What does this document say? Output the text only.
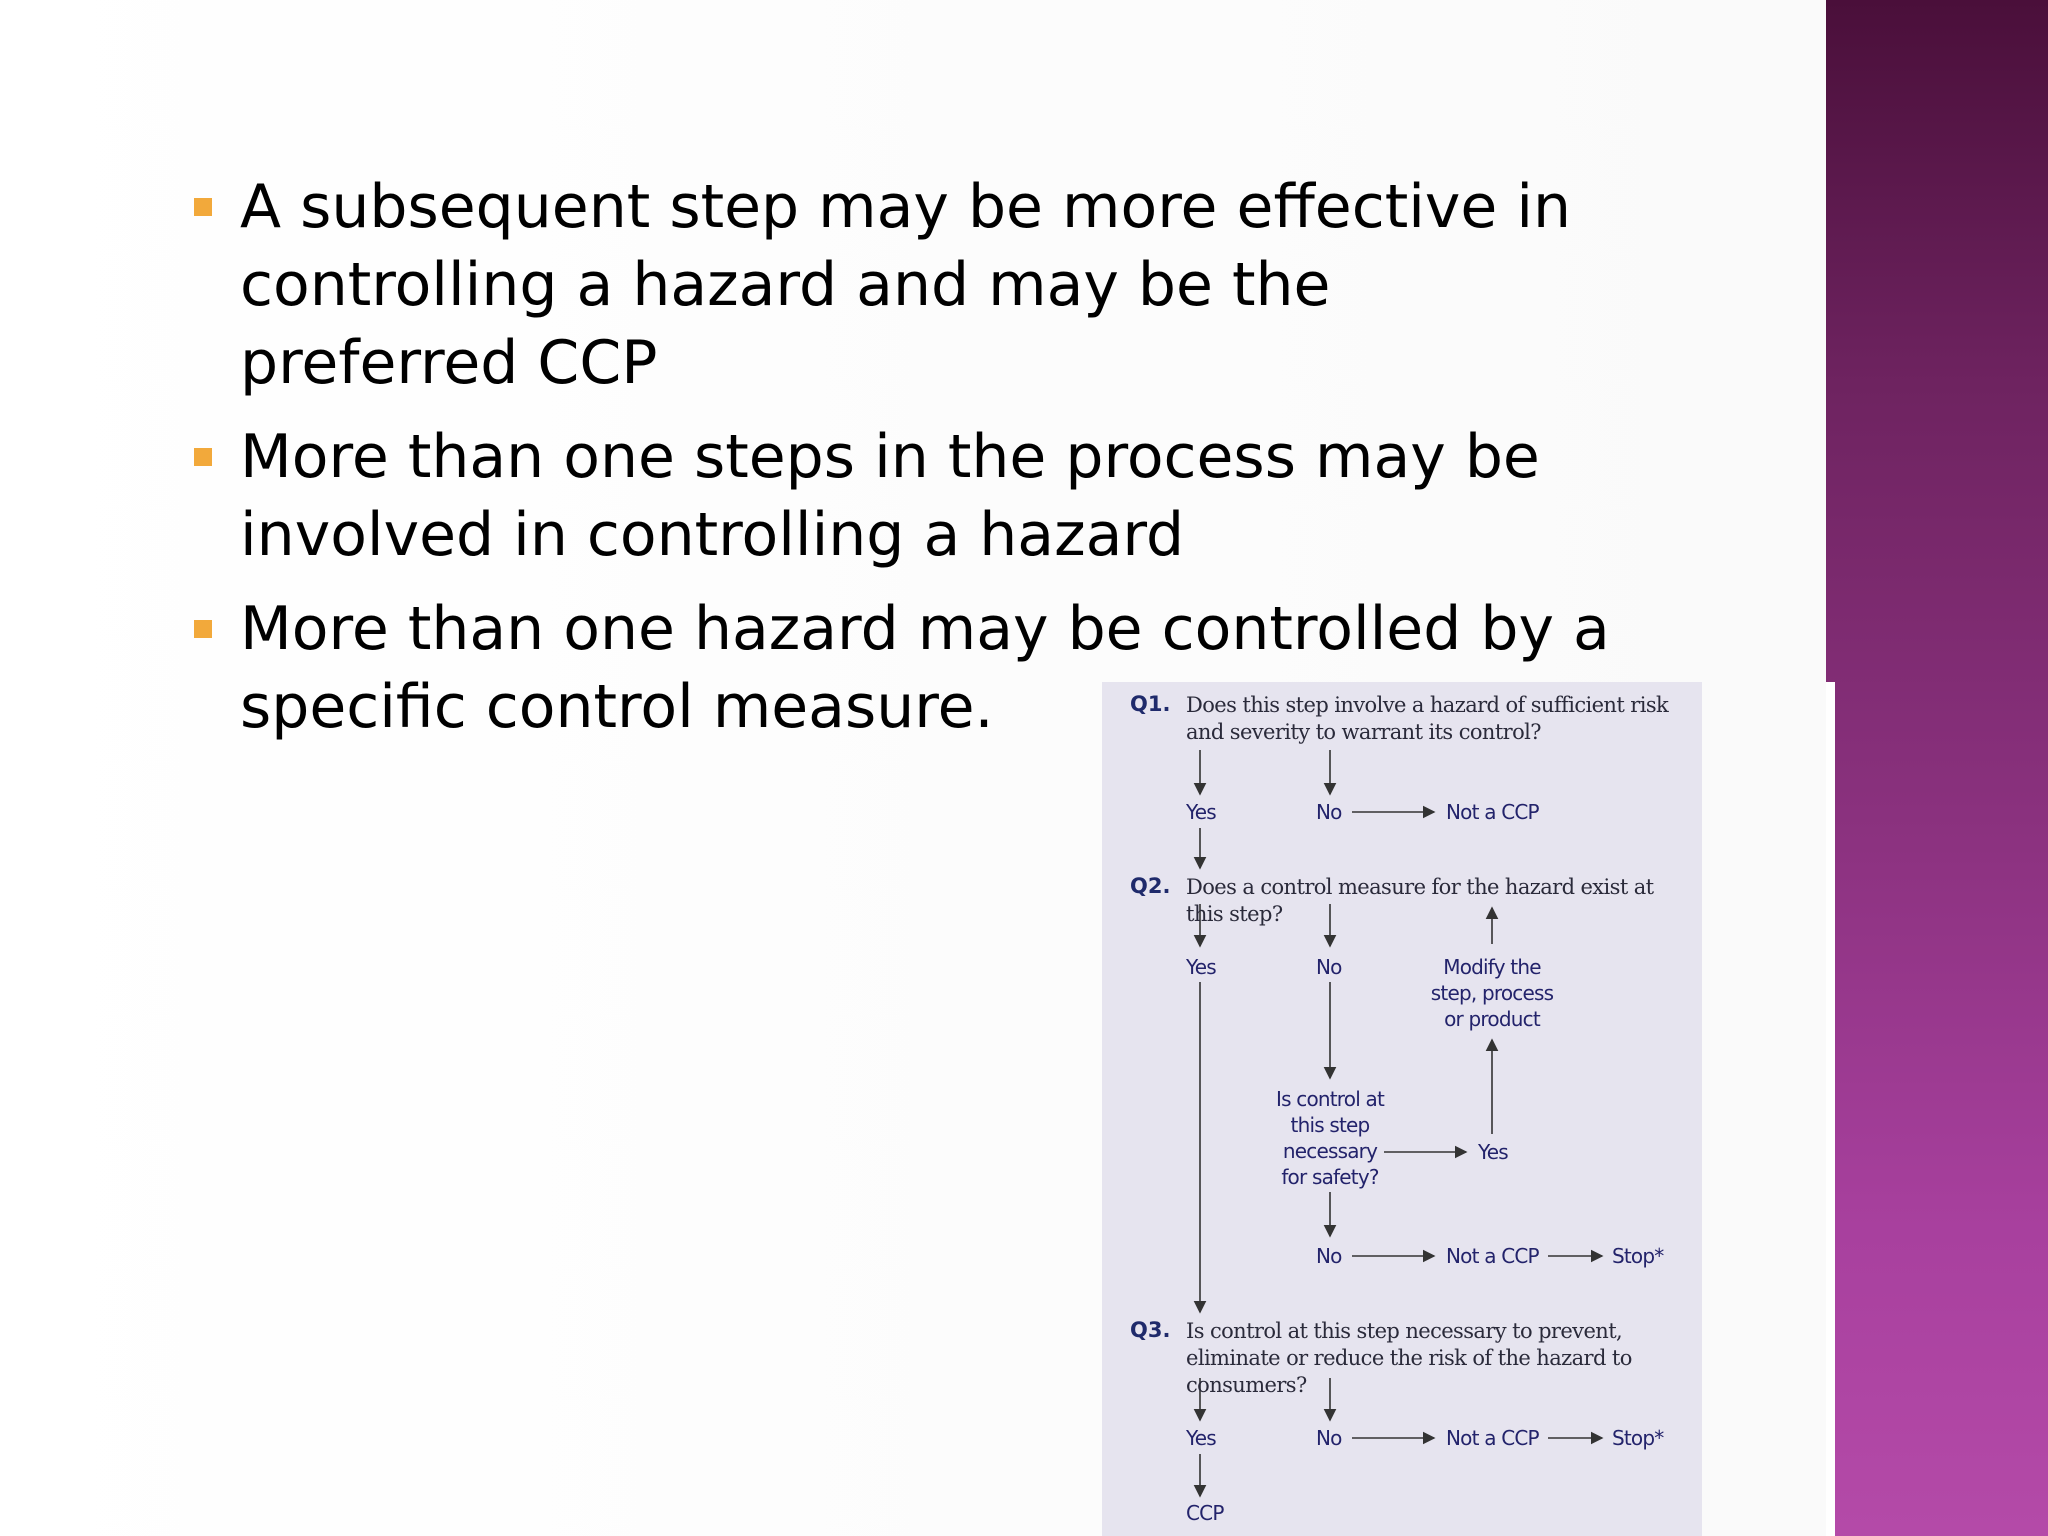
A subsequent step may be more effective in controlling a hazard and may be the preferred CCP
More than one steps in the process may be involved in controlling a hazard
More than one hazard may be controlled by a specific control measure.	Q1. Does this step involve a hazard of sufficient risk and severity to warrant its control?
Yes	No	Not a CCP
Q2. Does a control measure for the hazard exist at this step?
Yes	No	Modify the step, process or product
Is control at this step necessary for safety?
Yes
No	Not a CCP	Stop*
Q3. Is control at this step necessary to prevent, eliminate or reduce the risk of the hazard to consumers?
Yes	No	Not a CCP	Stop*
CCP
